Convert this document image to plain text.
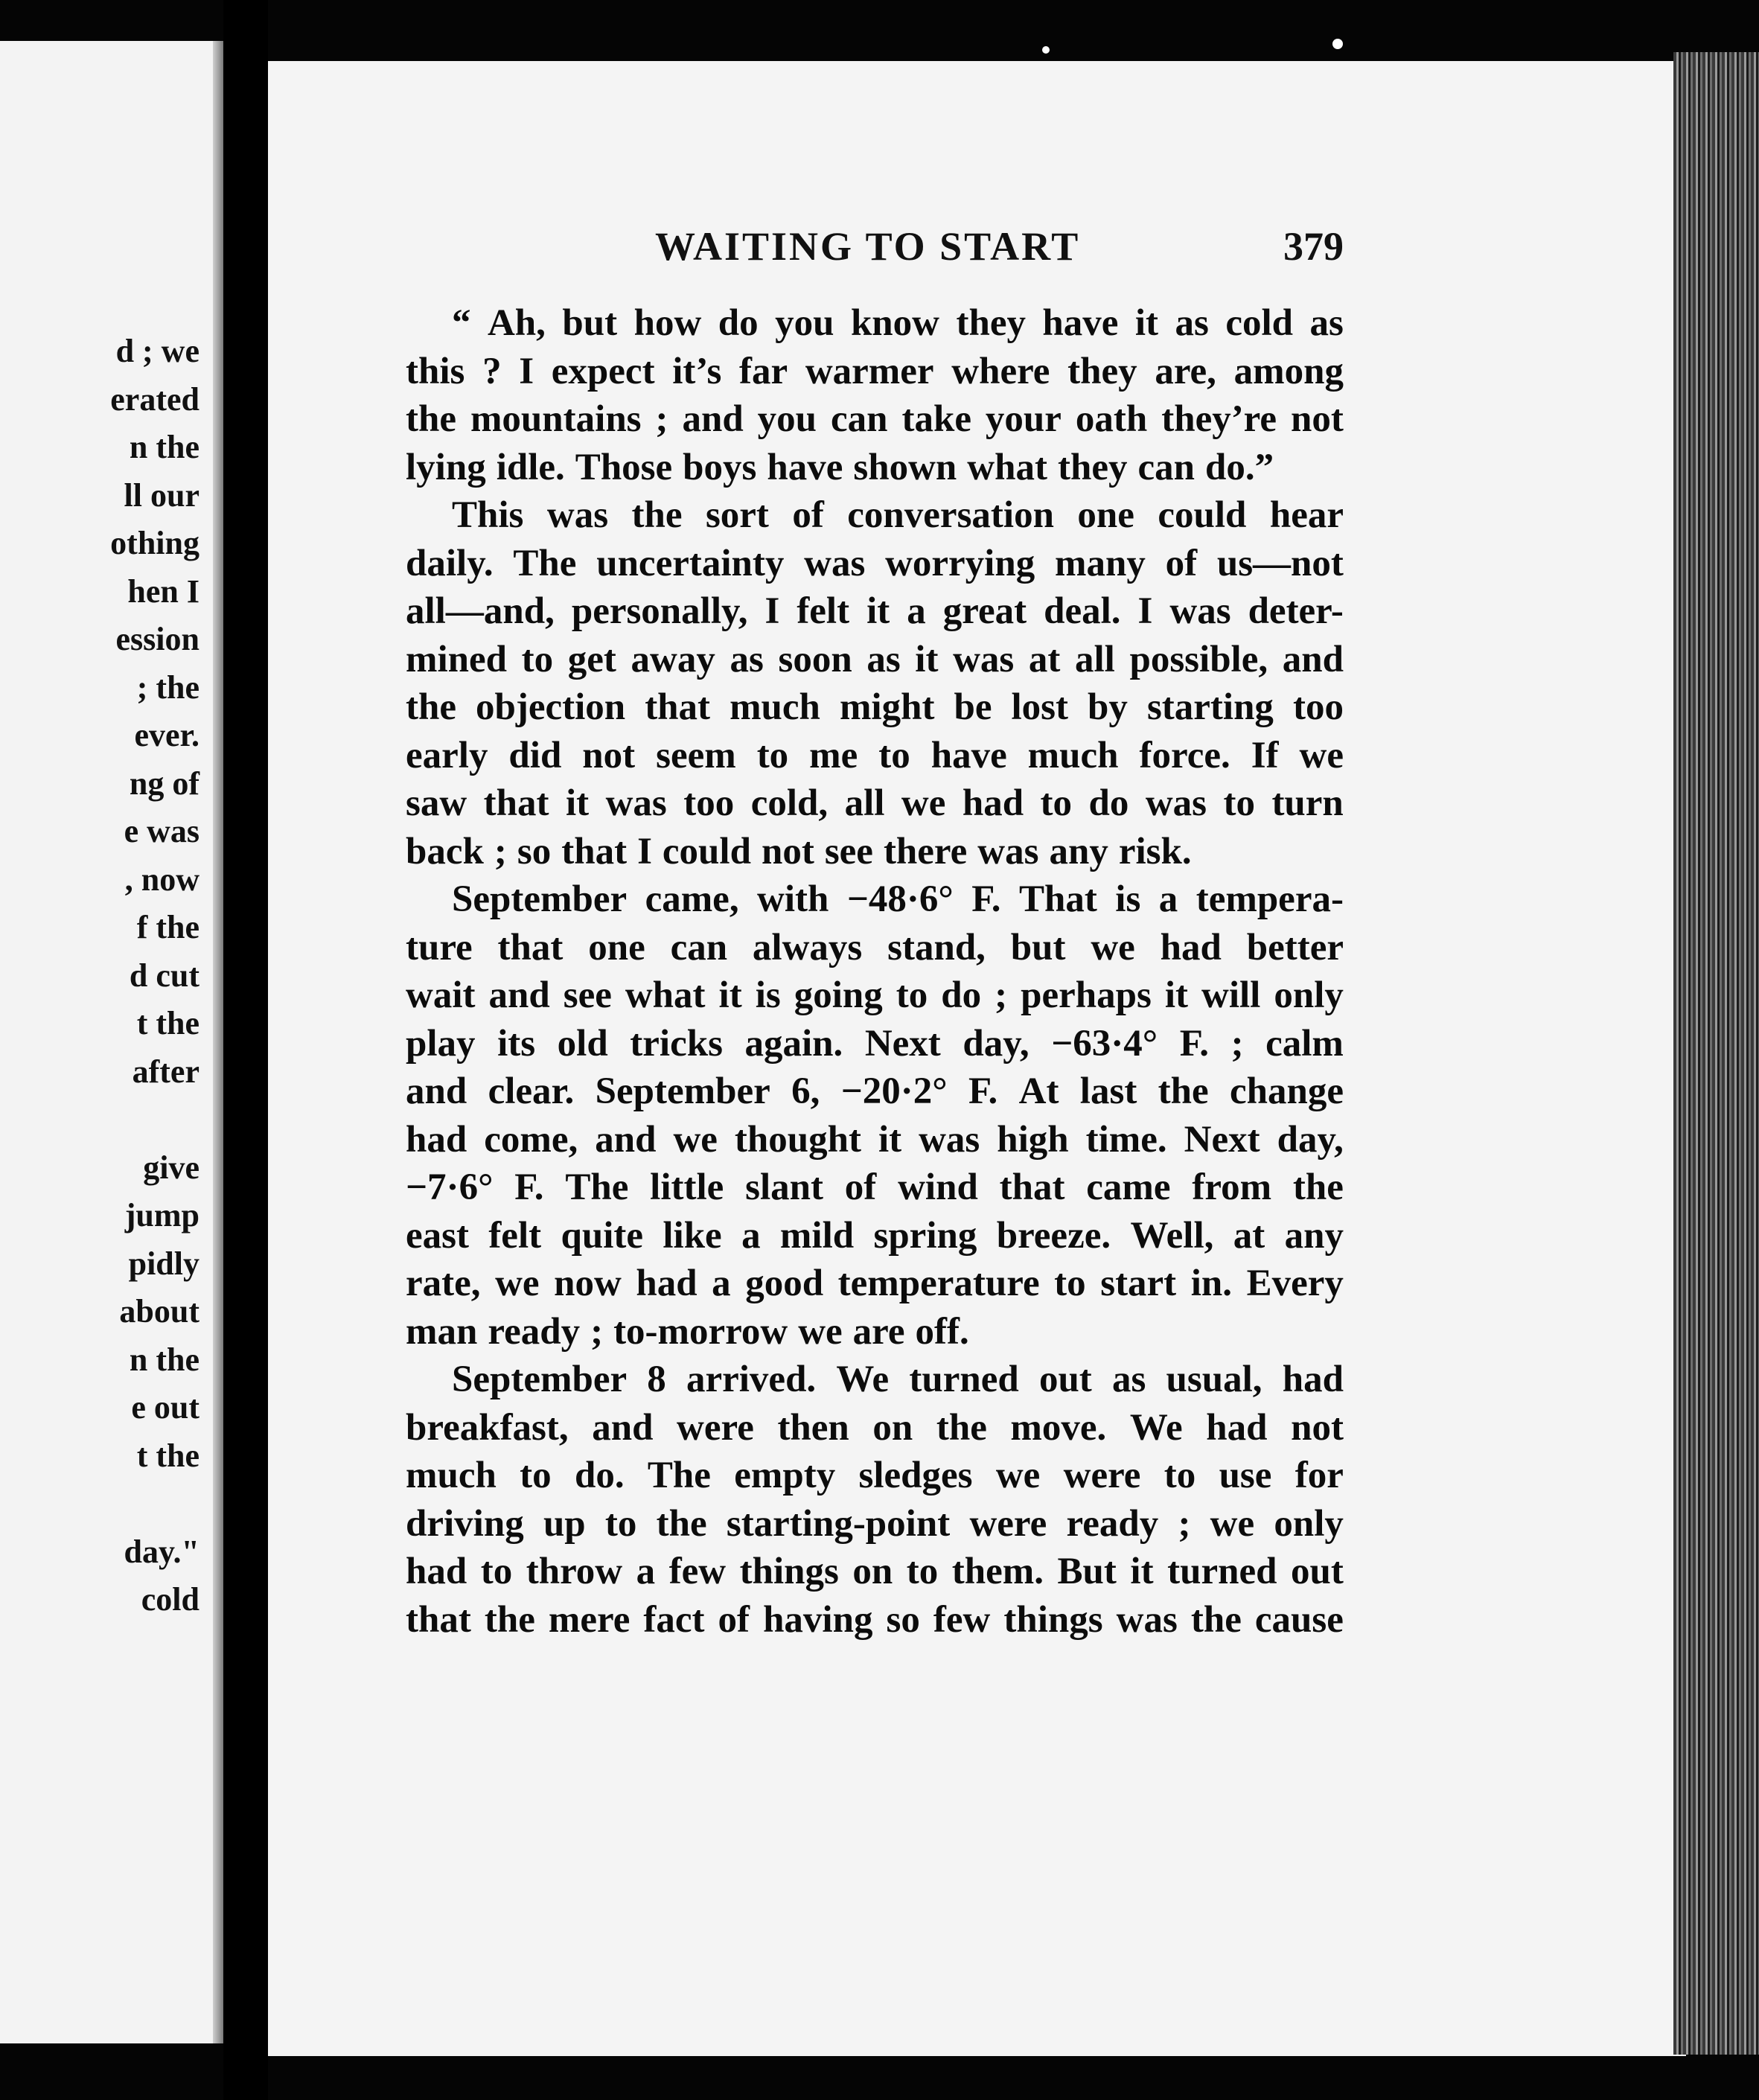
d ; we
erated
n the
ll our
othing
hen I
ession
; the
ever.
ng of
e was
, now
f the
d cut
t the
after
give
jump
pidly
about
n the
e out
t the
day."
cold
WAITING TO START	379
“ Ah, but how do you know they have it as cold as
this ? I expect it’s far warmer where they are, among
the mountains ; and you can take your oath they’re not
lying idle. Those boys have shown what they can do.”
This was the sort of conversation one could hear
daily. The uncertainty was worrying many of us—not
all—and, personally, I felt it a great deal. I was deter-
mined to get away as soon as it was at all possible, and
the objection that much might be lost by starting too
early did not seem to me to have much force. If we
saw that it was too cold, all we had to do was to turn
back ; so that I could not see there was any risk.
September came, with −48·6° F. That is a tempera-
ture that one can always stand, but we had better
wait and see what it is going to do ; perhaps it will only
play its old tricks again. Next day, −63·4° F. ; calm
and clear. September 6, −20·2° F. At last the change
had come, and we thought it was high time. Next day,
−7·6° F. The little slant of wind that came from the
east felt quite like a mild spring breeze. Well, at any
rate, we now had a good temperature to start in. Every
man ready ; to-morrow we are off.
September 8 arrived. We turned out as usual, had
breakfast, and were then on the move. We had not
much to do. The empty sledges we were to use for
driving up to the starting-point were ready ; we only
had to throw a few things on to them. But it turned out
that the mere fact of having so few things was the cause
